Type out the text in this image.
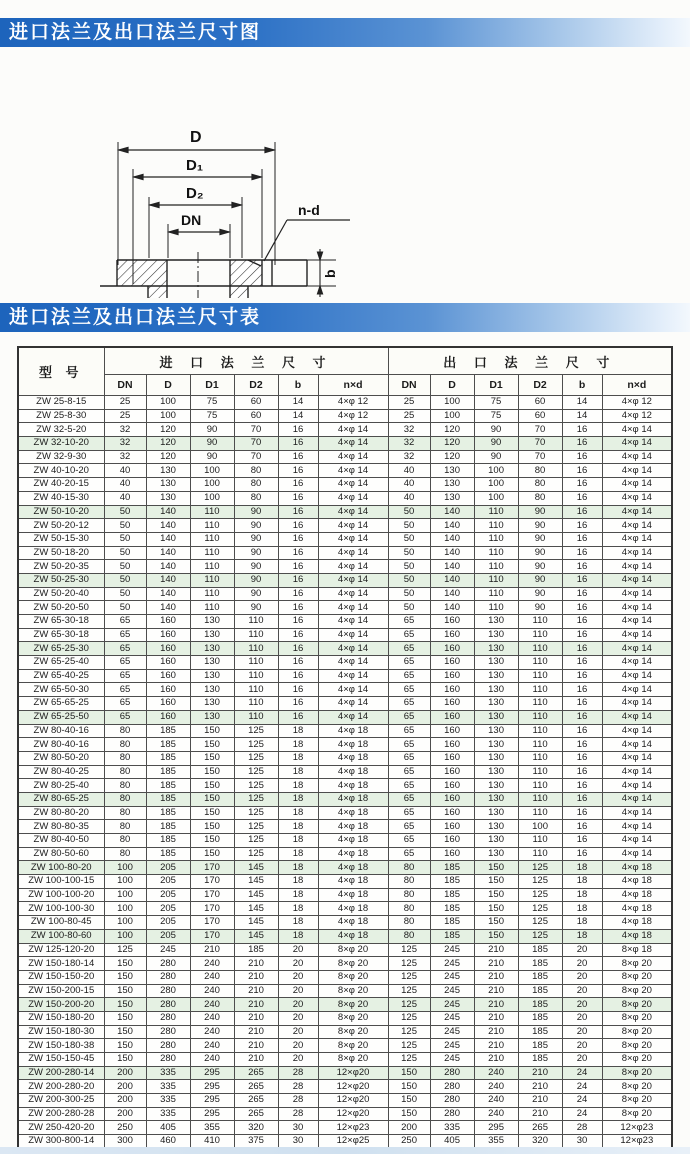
进口法兰及出口法兰尺寸图
D
D₁
D₂
DN
n-d
b
进口法兰及出口法兰尺寸表
型 号	进 口 法 兰 尺 寸						出 口 法 兰 尺 寸					
	DN	D	D1	D2	b	n×d	DN	D	D1	D2	b	n×d
ZW 25-8-15	25	100	75	60	14	4×φ 12	25	100	75	60	14	4×φ 12
ZW 25-8-30	25	100	75	60	14	4×φ 12	25	100	75	60	14	4×φ 12
ZW 32-5-20	32	120	90	70	16	4×φ 14	32	120	90	70	16	4×φ 14
ZW 32-10-20	32	120	90	70	16	4×φ 14	32	120	90	70	16	4×φ 14
ZW 32-9-30	32	120	90	70	16	4×φ 14	32	120	90	70	16	4×φ 14
ZW 40-10-20	40	130	100	80	16	4×φ 14	40	130	100	80	16	4×φ 14
ZW 40-20-15	40	130	100	80	16	4×φ 14	40	130	100	80	16	4×φ 14
ZW 40-15-30	40	130	100	80	16	4×φ 14	40	130	100	80	16	4×φ 14
ZW 50-10-20	50	140	110	90	16	4×φ 14	50	140	110	90	16	4×φ 14
ZW 50-20-12	50	140	110	90	16	4×φ 14	50	140	110	90	16	4×φ 14
ZW 50-15-30	50	140	110	90	16	4×φ 14	50	140	110	90	16	4×φ 14
ZW 50-18-20	50	140	110	90	16	4×φ 14	50	140	110	90	16	4×φ 14
ZW 50-20-35	50	140	110	90	16	4×φ 14	50	140	110	90	16	4×φ 14
ZW 50-25-30	50	140	110	90	16	4×φ 14	50	140	110	90	16	4×φ 14
ZW 50-20-40	50	140	110	90	16	4×φ 14	50	140	110	90	16	4×φ 14
ZW 50-20-50	50	140	110	90	16	4×φ 14	50	140	110	90	16	4×φ 14
ZW 65-30-18	65	160	130	110	16	4×φ 14	65	160	130	110	16	4×φ 14
ZW 65-30-18	65	160	130	110	16	4×φ 14	65	160	130	110	16	4×φ 14
ZW 65-25-30	65	160	130	110	16	4×φ 14	65	160	130	110	16	4×φ 14
ZW 65-25-40	65	160	130	110	16	4×φ 14	65	160	130	110	16	4×φ 14
ZW 65-40-25	65	160	130	110	16	4×φ 14	65	160	130	110	16	4×φ 14
ZW 65-50-30	65	160	130	110	16	4×φ 14	65	160	130	110	16	4×φ 14
ZW 65-65-25	65	160	130	110	16	4×φ 14	65	160	130	110	16	4×φ 14
ZW 65-25-50	65	160	130	110	16	4×φ 14	65	160	130	110	16	4×φ 14
ZW 80-40-16	80	185	150	125	18	4×φ 18	65	160	130	110	16	4×φ 14
ZW 80-40-16	80	185	150	125	18	4×φ 18	65	160	130	110	16	4×φ 14
ZW 80-50-20	80	185	150	125	18	4×φ 18	65	160	130	110	16	4×φ 14
ZW 80-40-25	80	185	150	125	18	4×φ 18	65	160	130	110	16	4×φ 14
ZW 80-25-40	80	185	150	125	18	4×φ 18	65	160	130	110	16	4×φ 14
ZW 80-65-25	80	185	150	125	18	4×φ 18	65	160	130	110	16	4×φ 14
ZW 80-80-20	80	185	150	125	18	4×φ 18	65	160	130	110	16	4×φ 14
ZW 80-80-35	80	185	150	125	18	4×φ 18	65	160	130	100	16	4×φ 14
ZW 80-40-50	80	185	150	125	18	4×φ 18	65	160	130	110	16	4×φ 14
ZW 80-50-60	80	185	150	125	18	4×φ 18	65	160	130	110	16	4×φ 14
ZW 100-80-20	100	205	170	145	18	4×φ 18	80	185	150	125	18	4×φ 18
ZW 100-100-15	100	205	170	145	18	4×φ 18	80	185	150	125	18	4×φ 18
ZW 100-100-20	100	205	170	145	18	4×φ 18	80	185	150	125	18	4×φ 18
ZW 100-100-30	100	205	170	145	18	4×φ 18	80	185	150	125	18	4×φ 18
ZW 100-80-45	100	205	170	145	18	4×φ 18	80	185	150	125	18	4×φ 18
ZW 100-80-60	100	205	170	145	18	4×φ 18	80	185	150	125	18	4×φ 18
ZW 125-120-20	125	245	210	185	20	8×φ 20	125	245	210	185	20	8×φ 18
ZW 150-180-14	150	280	240	210	20	8×φ 20	125	245	210	185	20	8×φ 20
ZW 150-150-20	150	280	240	210	20	8×φ 20	125	245	210	185	20	8×φ 20
ZW 150-200-15	150	280	240	210	20	8×φ 20	125	245	210	185	20	8×φ 20
ZW 150-200-20	150	280	240	210	20	8×φ 20	125	245	210	185	20	8×φ 20
ZW 150-180-20	150	280	240	210	20	8×φ 20	125	245	210	185	20	8×φ 20
ZW 150-180-30	150	280	240	210	20	8×φ 20	125	245	210	185	20	8×φ 20
ZW 150-180-38	150	280	240	210	20	8×φ 20	125	245	210	185	20	8×φ 20
ZW 150-150-45	150	280	240	210	20	8×φ 20	125	245	210	185	20	8×φ 20
ZW 200-280-14	200	335	295	265	28	12×φ20	150	280	240	210	24	8×φ 20
ZW 200-280-20	200	335	295	265	28	12×φ20	150	280	240	210	24	8×φ 20
ZW 200-300-25	200	335	295	265	28	12×φ20	150	280	240	210	24	8×φ 20
ZW 200-280-28	200	335	295	265	28	12×φ20	150	280	240	210	24	8×φ 20
ZW 250-420-20	250	405	355	320	30	12×φ23	200	335	295	265	28	12×φ23
ZW 300-800-14	300	460	410	375	30	12×φ25	250	405	355	320	30	12×φ23
